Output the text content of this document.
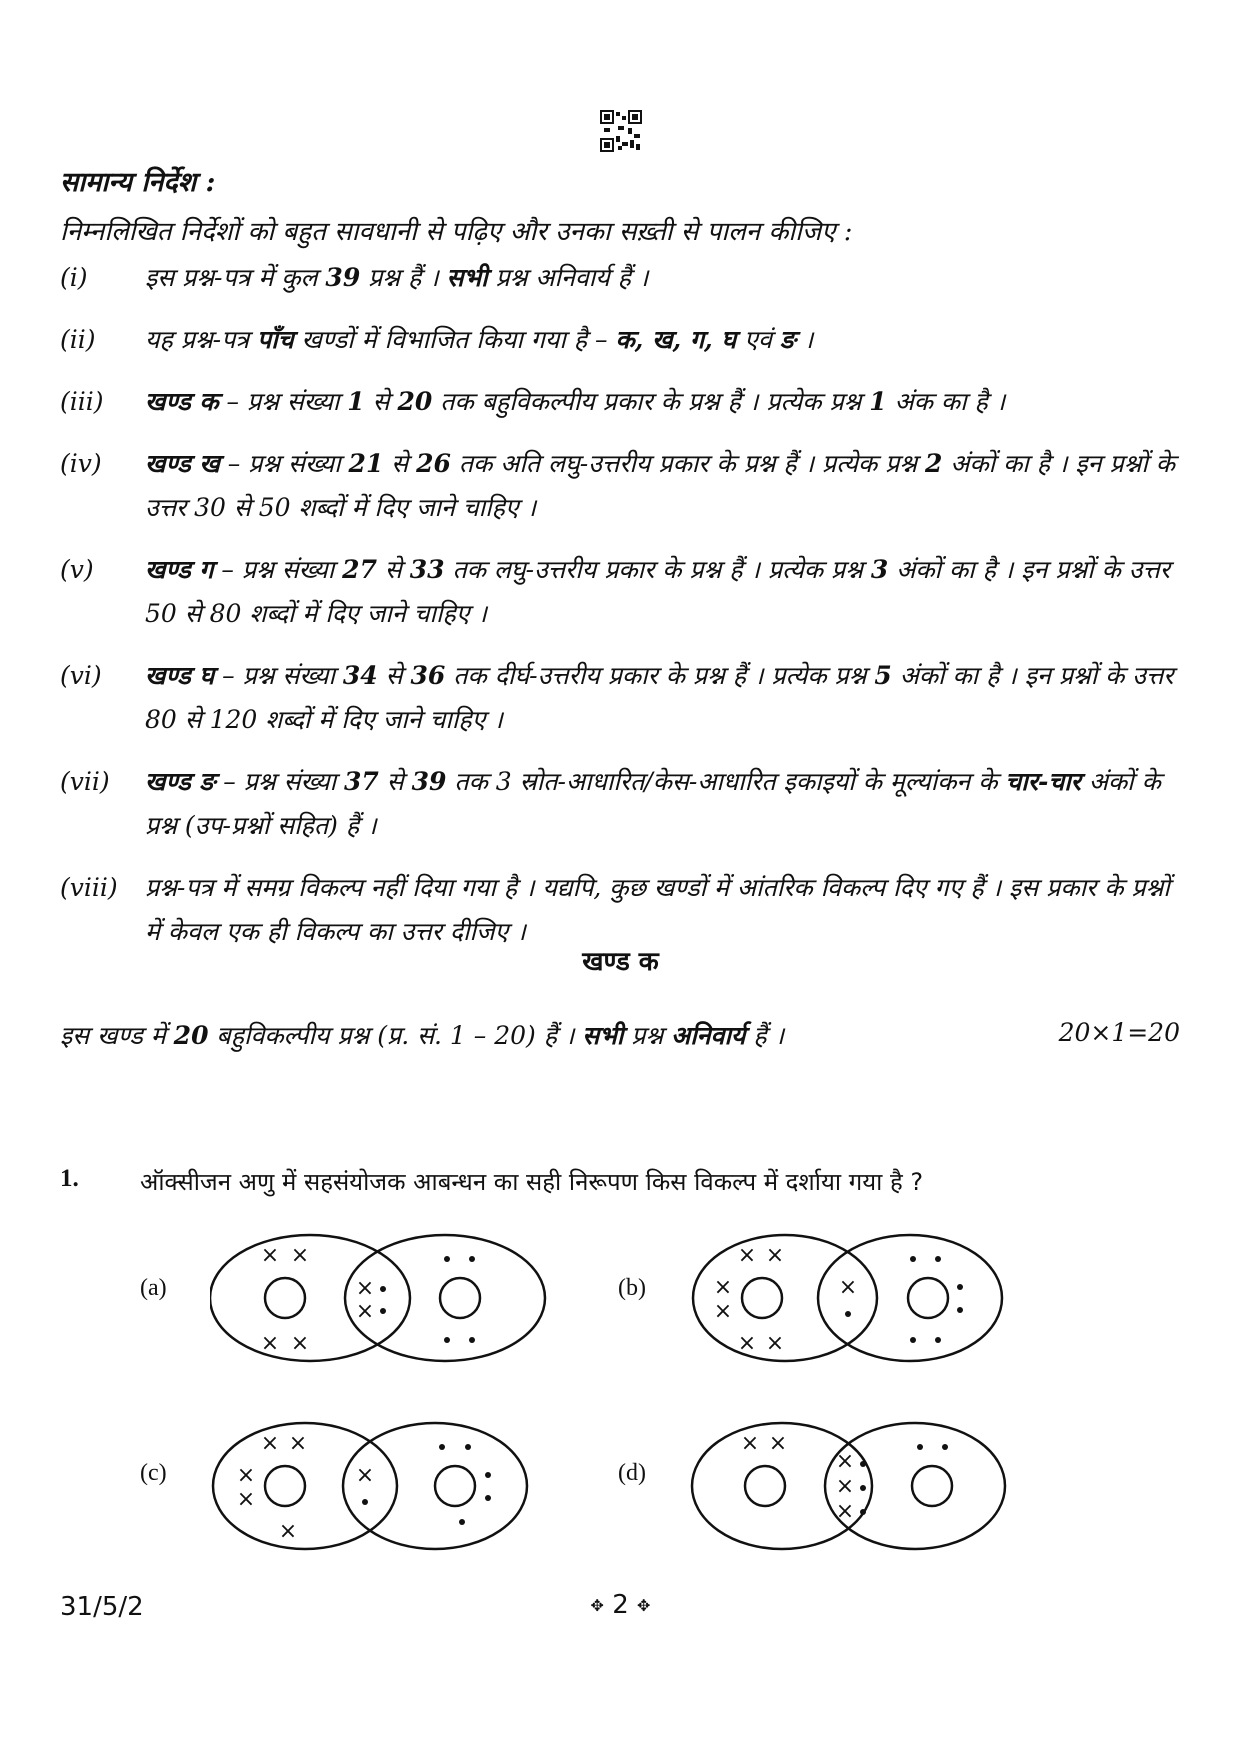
सामान्य निर्देश :
निम्नलिखित निर्देशों को बहुत सावधानी से पढ़िए और उनका सख़्ती से पालन कीजिए :
(i)	इस प्रश्न-पत्र में कुल 39 प्रश्न हैं । सभी प्रश्न अनिवार्य हैं ।
(ii)	यह प्रश्न-पत्र पाँच खण्डों में विभाजित किया गया है – क, ख, ग, घ एवं ङ ।
(iii)	खण्ड क – प्रश्न संख्या 1 से 20 तक बहुविकल्पीय प्रकार के प्रश्न हैं । प्रत्येक प्रश्न 1 अंक का है ।
(iv)	खण्ड ख – प्रश्न संख्या 21 से 26 तक अति लघु-उत्तरीय प्रकार के प्रश्न हैं । प्रत्येक प्रश्न 2 अंकों का है । इन प्रश्नों के उत्तर 30 से 50 शब्दों में दिए जाने चाहिए ।
(v)	खण्ड ग – प्रश्न संख्या 27 से 33 तक लघु-उत्तरीय प्रकार के प्रश्न हैं । प्रत्येक प्रश्न 3 अंकों का है । इन प्रश्नों के उत्तर 50 से 80 शब्दों में दिए जाने चाहिए ।
(vi)	खण्ड घ – प्रश्न संख्या 34 से 36 तक दीर्घ-उत्तरीय प्रकार के प्रश्न हैं । प्रत्येक प्रश्न 5 अंकों का है । इन प्रश्नों के उत्तर 80 से 120 शब्दों में दिए जाने चाहिए ।
(vii)	खण्ड ङ – प्रश्न संख्या 37 से 39 तक 3 स्रोत-आधारित/केस-आधारित इकाइयों के मूल्यांकन के चार-चार अंकों के प्रश्न (उप-प्रश्नों सहित) हैं ।
(viii)	प्रश्न-पत्र में समग्र विकल्प नहीं दिया गया है । यद्यपि, कुछ खण्डों में आंतरिक विकल्प दिए गए हैं । इस प्रकार के प्रश्नों में केवल एक ही विकल्प का उत्तर दीजिए ।
खण्ड क
इस खण्ड में 20 बहुविकल्पीय प्रश्न (प्र. सं. 1 – 20) हैं । सभी प्रश्न अनिवार्य हैं ।	20×1=20
1.	ऑक्सीजन अणु में सहसंयोजक आबन्धन का सही निरूपण किस विकल्प में दर्शाया गया है ?
(a)	(b)
(c)	(d)
× ×
× ×
×
×
× ×
× ×
×
×
×
× ×
×
×
×
×
× ×
×
×
×
31/5/2	✥ 2 ✥
